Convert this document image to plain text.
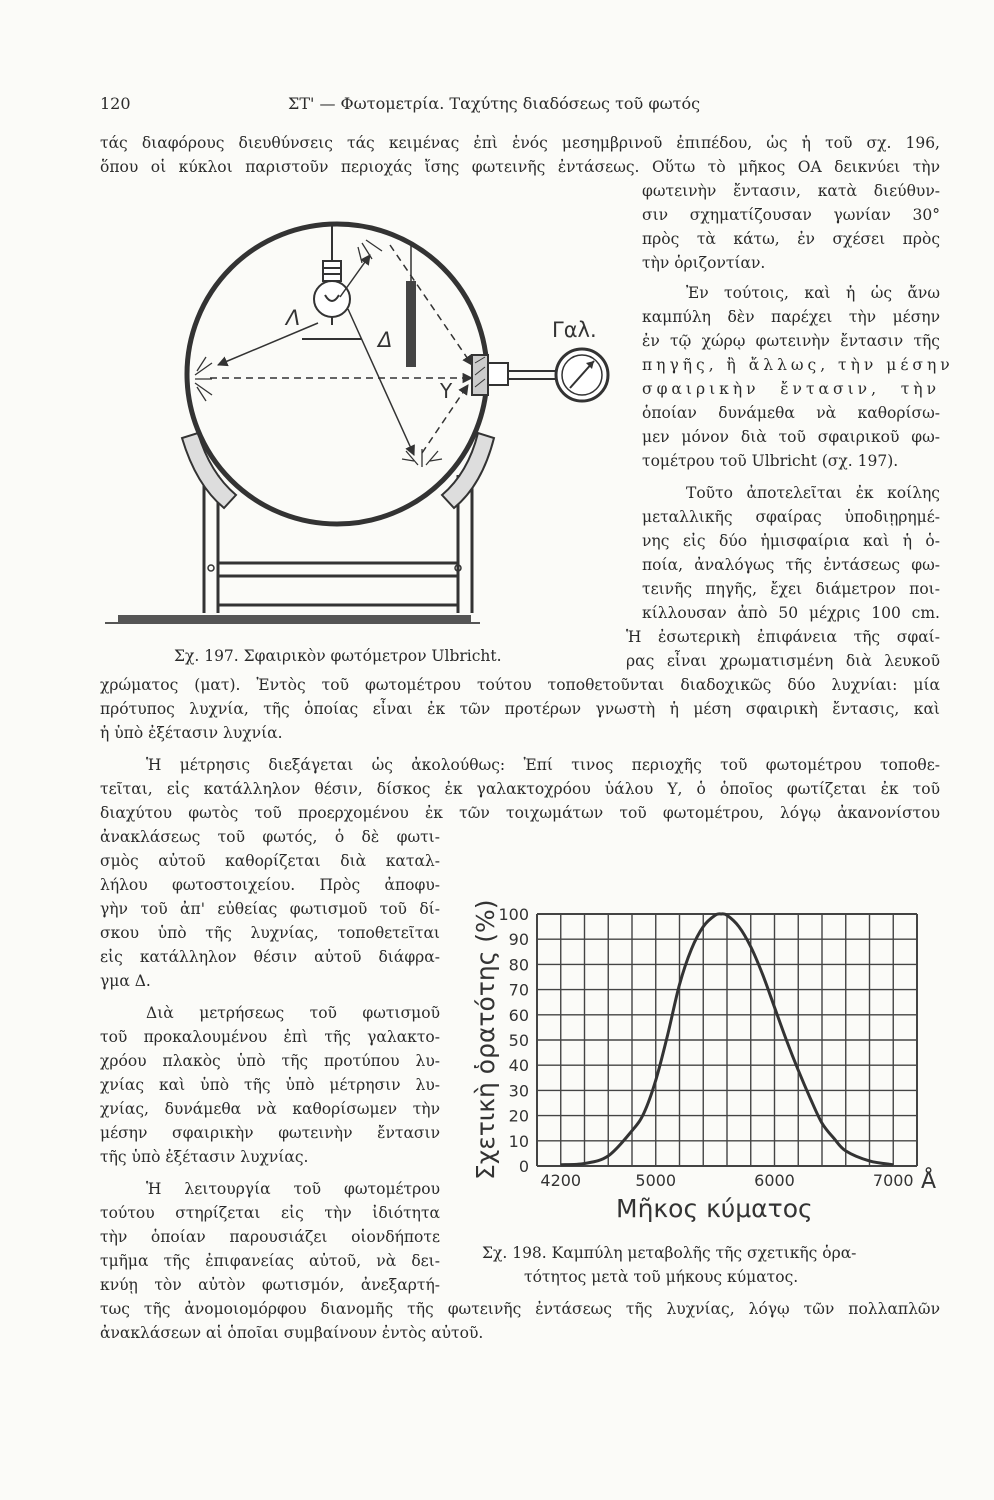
120	ΣΤ' — Φωτομετρία. Ταχύτης διαδόσεως τοῦ φωτός
τάς διαφόρους διευθύνσεις τάς κειμένας ἐπὶ ἑνός μεσημβρινοῦ ἐπιπέδου, ὡς ἡ τοῦ σχ. 196,
ὅπου οἱ κύκλοι παριστοῦν περιοχάς ἴσης φωτεινῆς ἐντάσεως. Οὕτω τὸ μῆκος ΟΑ δεικνύει τὴν
φωτεινὴν ἔντασιν, κατὰ διεύθυν-
σιν σχηματίζουσαν γωνίαν 30°
πρὸς τὰ κάτω, ἐν σχέσει πρὸς
τὴν ὁριζοντίαν.
Ἐν τούτοις, καὶ ἡ ὡς ἄνω
καμπύλη δὲν παρέχει τὴν μέσην
ἐν τῷ χώρῳ φωτεινὴν ἔντασιν τῆς
πηγῆς, ἢ ἄλλως, τὴν μέσην
σφαιρικὴν ἔντασιν, τὴν
ὁποίαν δυνάμεθα νὰ καθορίσω-
μεν μόνον διὰ τοῦ σφαιρικοῦ φω-
τομέτρου τοῦ Ulbricht (σχ. 197).
Τοῦτο ἀποτελεῖται ἐκ κοίλης
μεταλλικῆς σφαίρας ὑποδιῃρημέ-
νης εἰς δύο ἡμισφαίρια καὶ ἡ ὁ-
ποία, ἀναλόγως τῆς ἐντάσεως φω-
τεινῆς πηγῆς, ἔχει διάμετρον ποι-
κίλλουσαν ἀπὸ 50 μέχρις 100 cm.
Ἡ ἐσωτερικὴ ἐπιφάνεια τῆς σφαί-
ρας εἶναι χρωματισμένη διὰ λευκοῦ
χρώματος (ματ). Ἐντὸς τοῦ φωτομέτρου τούτου τοποθετοῦνται διαδοχικῶς δύο λυχνίαι: μία
πρότυπος λυχνία, τῆς ὁποίας εἶναι ἐκ τῶν προτέρων γνωστὴ ἡ μέση σφαιρικὴ ἔντασις, καὶ
ἡ ὑπὸ ἐξέτασιν λυχνία.
Ἡ μέτρησις διεξάγεται ὡς ἀκολούθως: Ἐπί τινος περιοχῆς τοῦ φωτομέτρου τοποθε-
τεῖται, εἰς κατάλληλον θέσιν, δίσκος ἐκ γαλακτοχρόου ὑάλου Υ, ὁ ὁποῖος φωτίζεται ἐκ τοῦ
διαχύτου φωτὸς τοῦ προερχομένου ἐκ τῶν τοιχωμάτων τοῦ φωτομέτρου, λόγῳ ἀκανονίστου
ἀνακλάσεως τοῦ φωτός, ὁ δὲ φωτι-
σμὸς αὐτοῦ καθορίζεται διὰ καταλ-
λήλου φωτοστοιχείου. Πρὸς ἀποφυ-
γὴν τοῦ ἀπ' εὐθείας φωτισμοῦ τοῦ δί-
σκου ὑπὸ τῆς λυχνίας, τοποθετεῖται
εἰς κατάλληλον θέσιν αὐτοῦ διάφρα-
γμα Δ.
Διὰ μετρήσεως τοῦ φωτισμοῦ
τοῦ προκαλουμένου ἐπὶ τῆς γαλακτο-
χρόου πλακὸς ὑπὸ τῆς προτύπου λυ-
χνίας καὶ ὑπὸ τῆς ὑπὸ μέτρησιν λυ-
χνίας, δυνάμεθα νὰ καθορίσωμεν τὴν
μέσην σφαιρικὴν φωτεινὴν ἔντασιν
τῆς ὑπὸ ἐξέτασιν λυχνίας.
Ἡ λειτουργία τοῦ φωτομέτρου
τούτου στηρίζεται εἰς τὴν ἰδιότητα
τὴν ὁποίαν παρουσιάζει οἱονδήποτε
τμῆμα τῆς ἐπιφανείας αὐτοῦ, νὰ δει-
κνύῃ τὸν αὐτὸν φωτισμόν, ἀνεξαρτή-
τως τῆς ἀνομοιομόρφου διανομῆς τῆς φωτεινῆς ἐντάσεως τῆς λυχνίας, λόγῳ τῶν πολλαπλῶν
ἀνακλάσεων αἱ ὁποῖαι συμβαίνουν ἐντὸς αὐτοῦ.
Λ
Δ
Υ
Γαλ.
Σχ. 197. Σφαιρικὸν φωτόμετρον Ulbricht.
0
10
20
30
40
50
60
70
80
90
100
4200	5000	6000	7000 Å
Σχετικὴ ὁρατότης (%)
Μῆκος κύματος
Σχ. 198. Καμπύλη μεταβολῆς τῆς σχετικῆς ὁρα-
τότητος μετὰ τοῦ μήκους κύματος.
